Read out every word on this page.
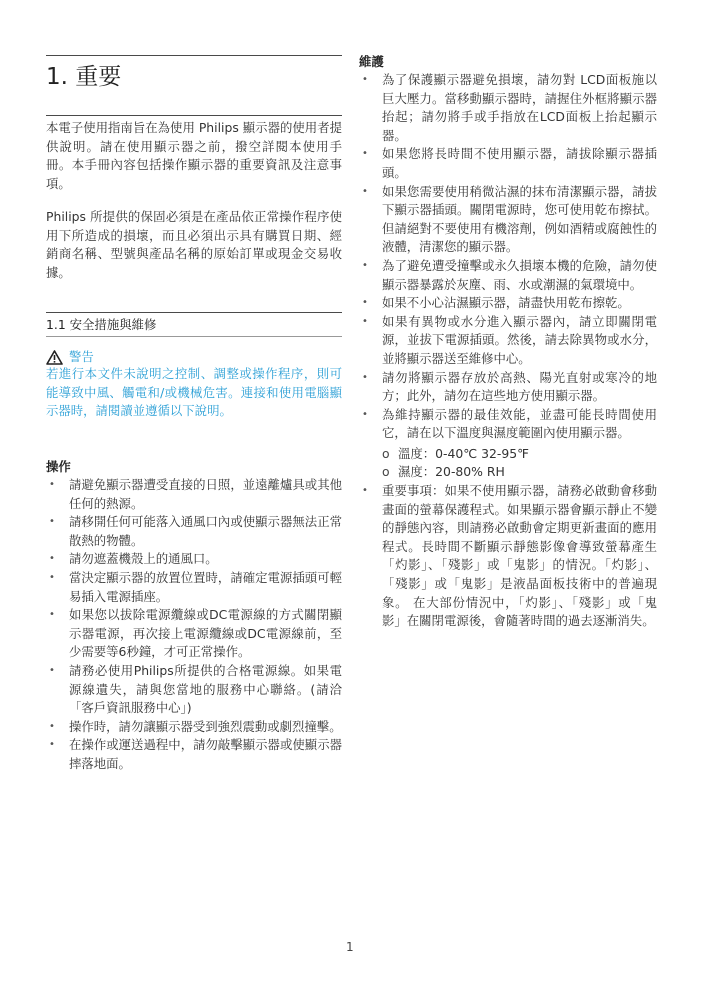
1. 重要

本電子使用指南旨在為使用 Philips 顯示器的使用者提供說明。請在使用顯示器之前，撥空詳閱本使用手冊。本手冊內容包括操作顯示器的重要資訊及注意事項。

Philips 所提供的保固必須是在產品依正常操作程序使用下所造成的損壞，而且必須出示具有購買日期、經銷商名稱、型號與產品名稱的原始訂單或現金交易收據。

1.1 安全措施與維修
警告

若進行本文件未說明之控制、調整或操作程序，則可能導致中風、觸電和/或機械危害。連接和使用電腦顯示器時，請閱讀並遵循以下說明。

操作
• 請避免顯示器遭受直接的日照，並遠離爐具或其他任何的熱源。
• 請移開任何可能落入通風口內或使顯示器無法正常散熱的物體。
• 請勿遮蓋機殼上的通風口。
• 當決定顯示器的放置位置時，請確定電源插頭可輕易插入電源插座。
• 如果您以拔除電源纜線或DC電源線的方式關閉顯示器電源，再次接上電源纜線或DC電源線前，至少需要等6秒鐘，才可正常操作。
• 請務必使用Philips所提供的合格電源線。如果電源線遺失，請與您當地的服務中心聯絡。(請洽「客戶資訊服務中心」)
• 操作時，請勿讓顯示器受到強烈震動或劇烈撞擊。
• 在操作或運送過程中，請勿敲擊顯示器或使顯示器摔落地面。
維護
• 為了保護顯示器避免損壞，請勿對 LCD面板施以巨大壓力。當移動顯示器時，請握住外框將顯示器抬起；請勿將手或手指放在LCD面板上抬起顯示器。
• 如果您將長時間不使用顯示器，請拔除顯示器插頭。
• 如果您需要使用稍微沾濕的抹布清潔顯示器，請拔下顯示器插頭。關閉電源時，您可使用乾布擦拭。但請絕對不要使用有機溶劑，例如酒精或腐蝕性的液體，清潔您的顯示器。
• 為了避免遭受撞擊或永久損壞本機的危險，請勿使顯示器暴露於灰塵、雨、水或潮濕的氣環境中。
• 如果不小心沾濕顯示器，請盡快用乾布擦乾。
• 如果有異物或水分進入顯示器內，請立即關閉電源，並拔下電源插頭。然後，請去除異物或水分，並將顯示器送至維修中心。
• 請勿將顯示器存放於高熱、陽光直射或寒冷的地方；此外，請勿在這些地方使用顯示器。
• 為維持顯示器的最佳效能，並盡可能長時間使用它，請在以下溫度與濕度範圍內使用顯示器。
o 溫度：0-40℃ 32-95℉
o 濕度：20-80% RH
• 重要事項：如果不使用顯示器，請務必啟動會移動畫面的螢幕保護程式。如果顯示器會顯示靜止不變的靜態內容，則請務必啟動會定期更新畫面的應用程式。長時間不斷顯示靜態影像會導致螢幕產生「灼影」、「殘影」或「鬼影」的情況。「灼影」、「殘影」或「鬼影」是液晶面板技術中的普遍現象。 在大部份情況中，「灼影」、「殘影」或「鬼影」在關閉電源後，會隨著時間的過去逐漸消失。
1
